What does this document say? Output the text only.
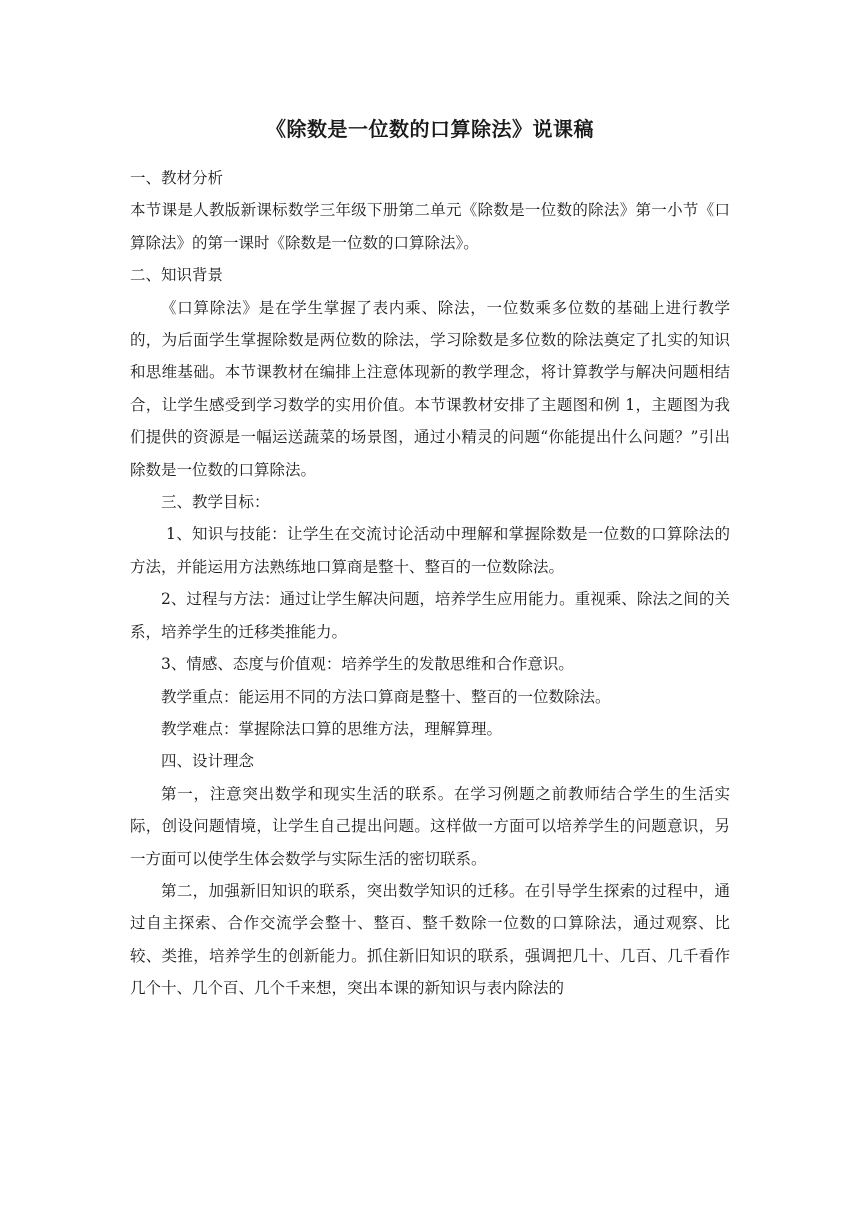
《除数是一位数的口算除法》说课稿

一、教材分析

本节课是人教版新课标数学三年级下册第二单元《除数是一位数的除法》第一小节《口算除法》的第一课时《除数是一位数的口算除法》。

二、知识背景

《口算除法》是在学生掌握了表内乘、除法，一位数乘多位数的基础上进行教学的，为后面学生掌握除数是两位数的除法，学习除数是多位数的除法奠定了扎实的知识和思维基础。本节课教材在编排上注意体现新的教学理念，将计算教学与解决问题相结合，让学生感受到学习数学的实用价值。本节课教材安排了主题图和例 1，主题图为我们提供的资源是一幅运送蔬菜的场景图，通过小精灵的问题“你能提出什么问题？”引出除数是一位数的口算除法。

三、教学目标：

1、知识与技能：让学生在交流讨论活动中理解和掌握除数是一位数的口算除法的方法，并能运用方法熟练地口算商是整十、整百的一位数除法。

2、过程与方法：通过让学生解决问题，培养学生应用能力。重视乘、除法之间的关系，培养学生的迁移类推能力。

3、情感、态度与价值观：培养学生的发散思维和合作意识。

教学重点：能运用不同的方法口算商是整十、整百的一位数除法。

教学难点：掌握除法口算的思维方法，理解算理。

四、设计理念

第一，注意突出数学和现实生活的联系。在学习例题之前教师结合学生的生活实际，创设问题情境，让学生自己提出问题。这样做一方面可以培养学生的问题意识，另一方面可以使学生体会数学与实际生活的密切联系。

第二，加强新旧知识的联系，突出数学知识的迁移。在引导学生探索的过程中，通过自主探索、合作交流学会整十、整百、整千数除一位数的口算除法，通过观察、比较、类推，培养学生的创新能力。抓住新旧知识的联系，强调把几十、几百、几千看作几个十、几个百、几个千来想，突出本课的新知识与表内除法的
